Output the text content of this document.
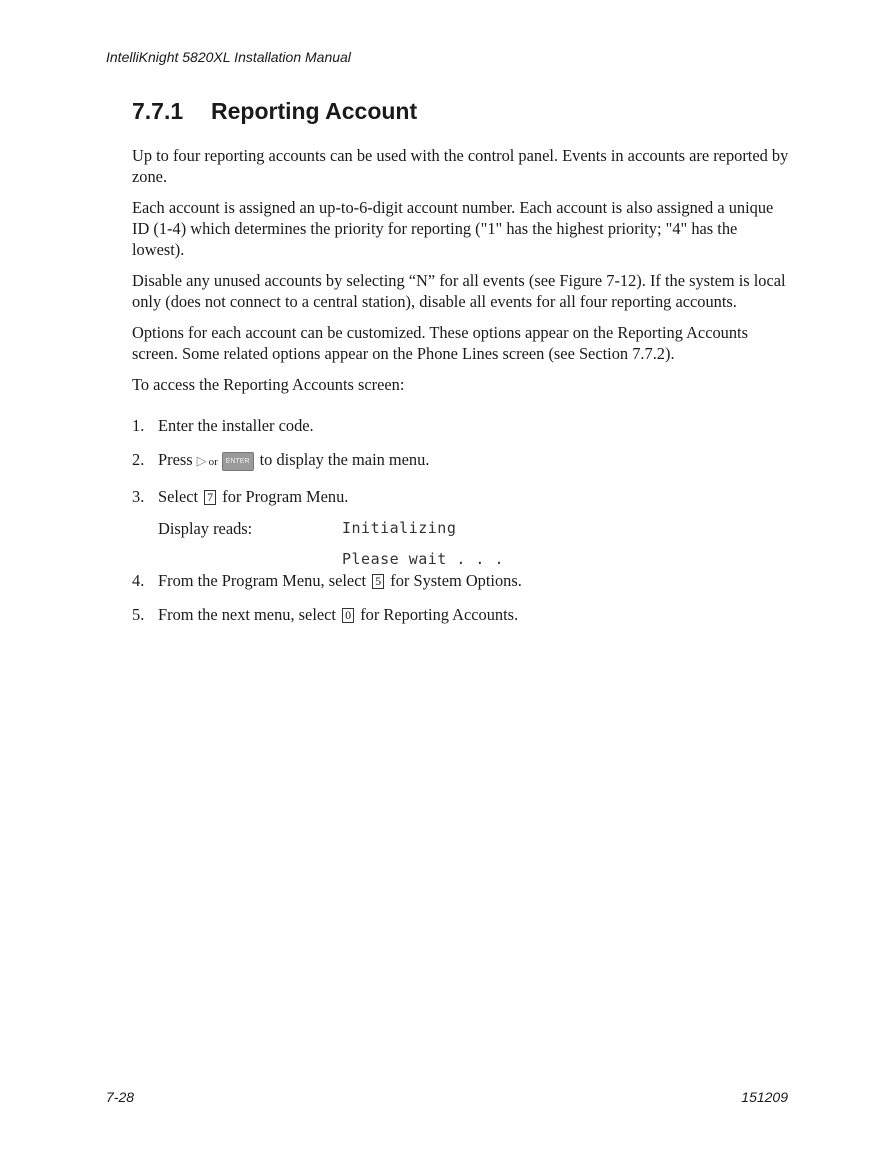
IntelliKnight 5820XL Installation Manual
7.7.1	Reporting Account

Up to four reporting accounts can be used with the control panel. Events in accounts are reported by zone.

Each account is assigned an up-to-6-digit account number. Each account is also assigned a unique ID (1-4) which determines the priority for reporting ("1" has the highest priority; "4" has the lowest).

Disable any unused accounts by selecting “N” for all events (see Figure 7-12). If the system is local only (does not connect to a central station), disable all events for all four reporting accounts.

Options for each account can be customized. These options appear on the Reporting Accounts screen. Some related options appear on the Phone Lines screen (see Section 7.7.2).

To access the Reporting Accounts screen:

1. Enter the installer code.
2. Press ▷ or ENTER to display the main menu.
3. Select 7 for Program Menu.
Display reads:	Initializing
Please wait . . .
4. From the Program Menu, select 5 for System Options.
5. From the next menu, select 0 for Reporting Accounts.
7-28	151209
